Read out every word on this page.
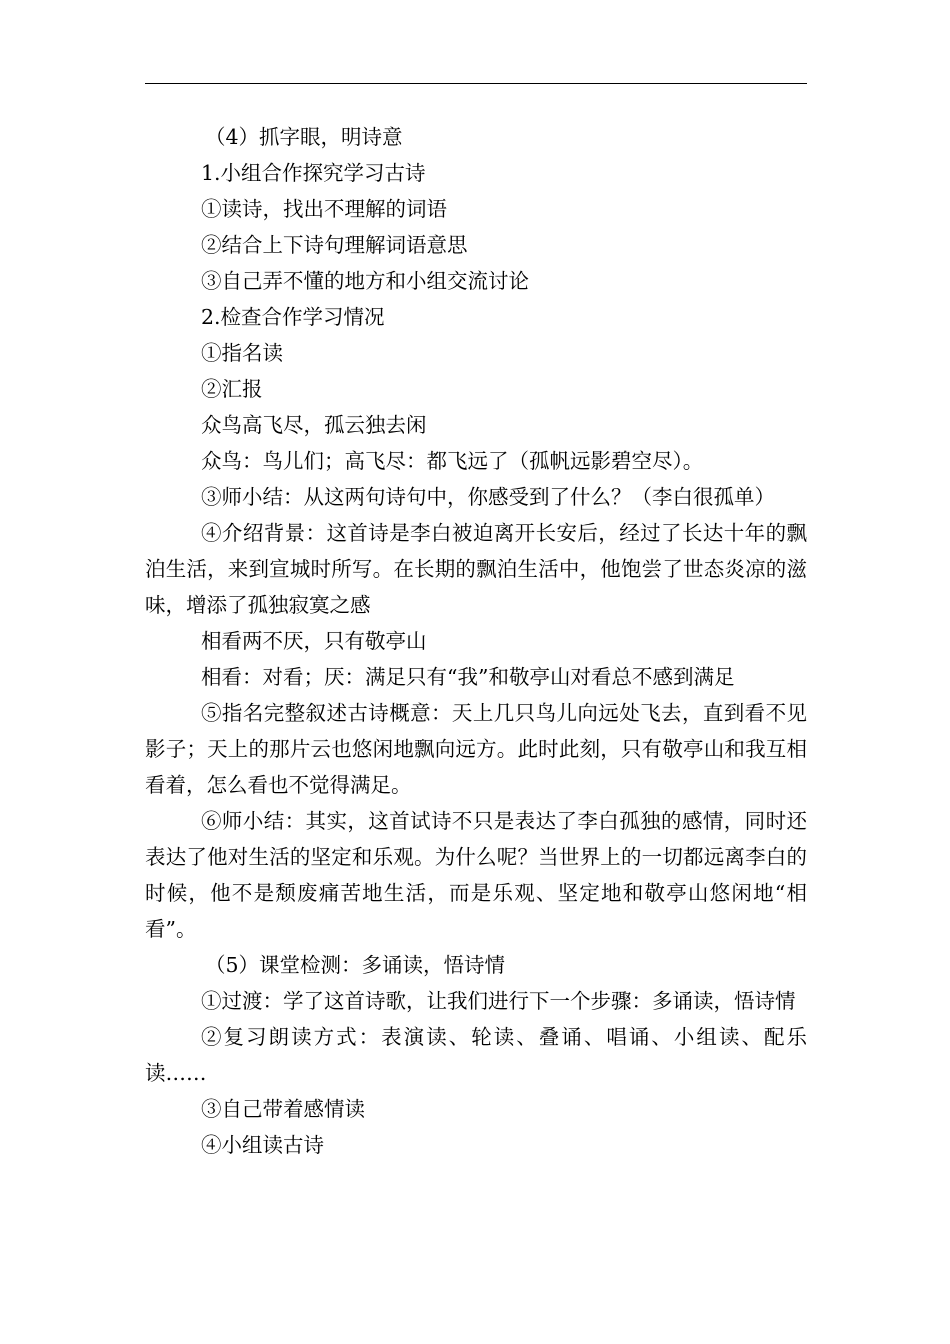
（4）抓字眼，明诗意

1.小组合作探究学习古诗

①读诗，找出不理解的词语

②结合上下诗句理解词语意思

③自己弄不懂的地方和小组交流讨论

2.检查合作学习情况

①指名读

②汇报

众鸟高飞尽，孤云独去闲

众鸟：鸟儿们；高飞尽：都飞远了（孤帆远影碧空尽）。

③师小结：从这两句诗句中，你感受到了什么？（李白很孤单）

④介绍背景：这首诗是李白被迫离开长安后，经过了长达十年的飘泊生活，来到宣城时所写。在长期的飘泊生活中，他饱尝了世态炎凉的滋味，增添了孤独寂寞之感

相看两不厌，只有敬亭山

相看：对看；厌：满足只有“我”和敬亭山对看总不感到满足

⑤指名完整叙述古诗概意：天上几只鸟儿向远处飞去，直到看不见影子；天上的那片云也悠闲地飘向远方。此时此刻，只有敬亭山和我互相看着，怎么看也不觉得满足。

⑥师小结：其实，这首试诗不只是表达了李白孤独的感情，同时还表达了他对生活的坚定和乐观。为什么呢？当世界上的一切都远离李白的时候，他不是颓废痛苦地生活，而是乐观、坚定地和敬亭山悠闲地“相看”。

（5）课堂检测：多诵读，悟诗情

①过渡：学了这首诗歌，让我们进行下一个步骤：多诵读，悟诗情

②复习朗读方式：表演读、轮读、叠诵、唱诵、小组读、配乐读……

③自己带着感情读

④小组读古诗
